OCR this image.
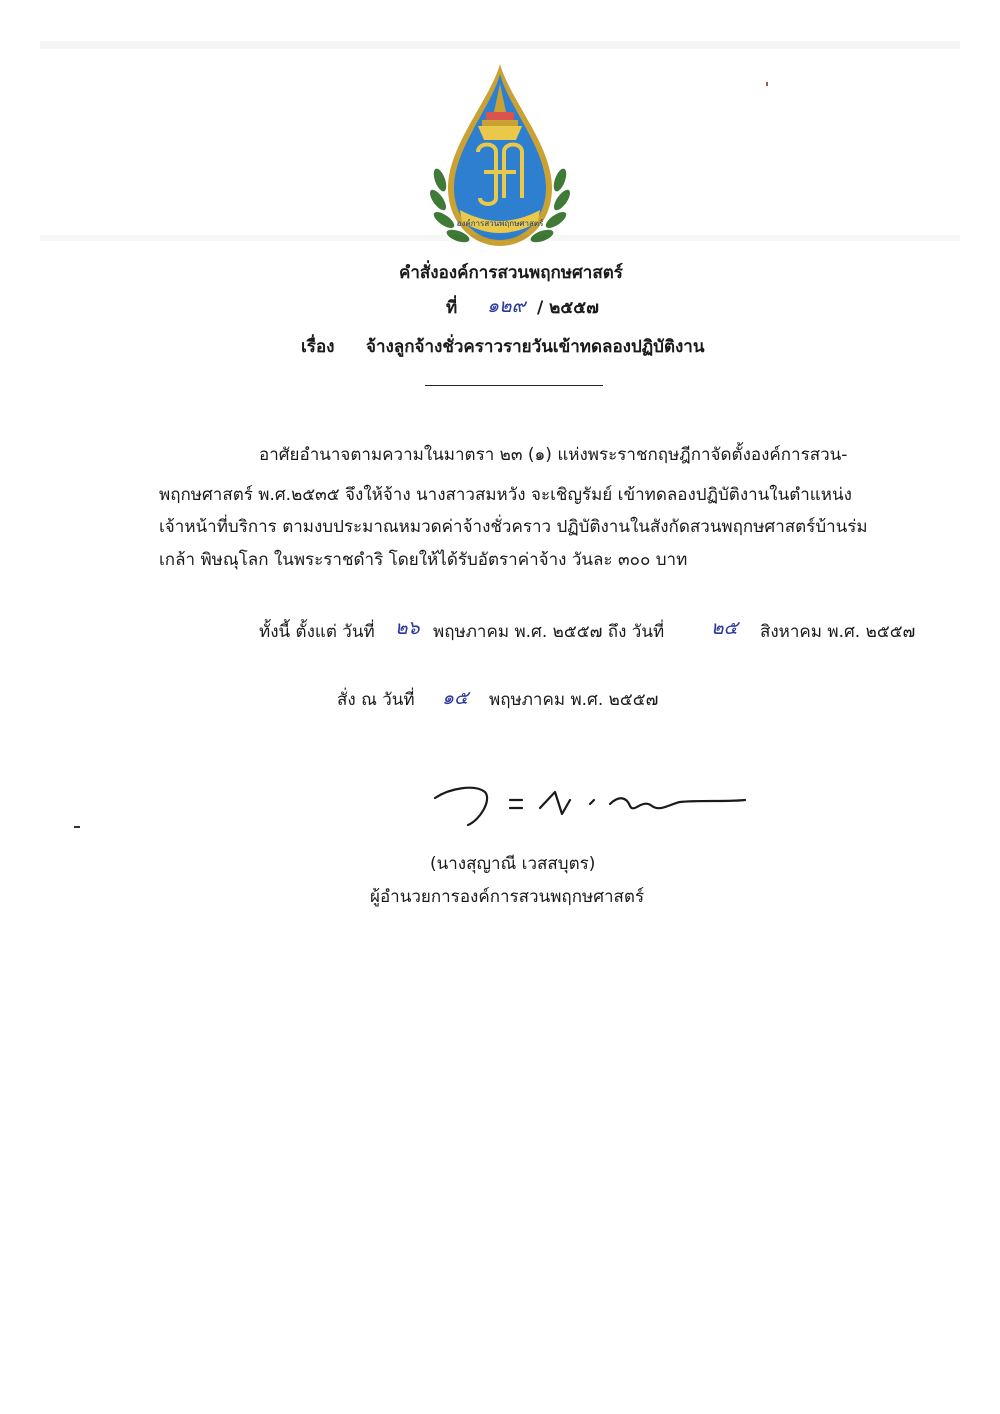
องค์การสวนพฤกษศาสตร์
คำสั่งองค์การสวนพฤกษศาสตร์
ที่ ๑๒๙ / ๒๕๕๗
เรื่อง จ้างลูกจ้างชั่วคราวรายวันเข้าทดลองปฏิบัติงาน
อาศัยอำนาจตามความในมาตรา ๒๓ (๑) แห่งพระราชกฤษฎีกาจัดตั้งองค์การสวน-
พฤกษศาสตร์ พ.ศ.๒๕๓๕ จึงให้จ้าง นางสาวสมหวัง จะเชิญรัมย์ เข้าทดลองปฏิบัติงานในตำแหน่ง
เจ้าหน้าที่บริการ ตามงบประมาณหมวดค่าจ้างชั่วคราว ปฏิบัติงานในสังกัดสวนพฤกษศาสตร์บ้านร่ม
เกล้า พิษณุโลก ในพระราชดำริ โดยให้ได้รับอัตราค่าจ้าง วันละ ๓๐๐ บาท
ทั้งนี้ ตั้งแต่ วันที่ ๒๖ พฤษภาคม พ.ศ. ๒๕๕๗ ถึง วันที่ ๒๕ สิงหาคม พ.ศ. ๒๕๕๗
สั่ง ณ วันที่ ๑๕ พฤษภาคม พ.ศ. ๒๕๕๗
(นางสุญาณี เวสสบุตร)
ผู้อำนวยการองค์การสวนพฤกษศาสตร์
